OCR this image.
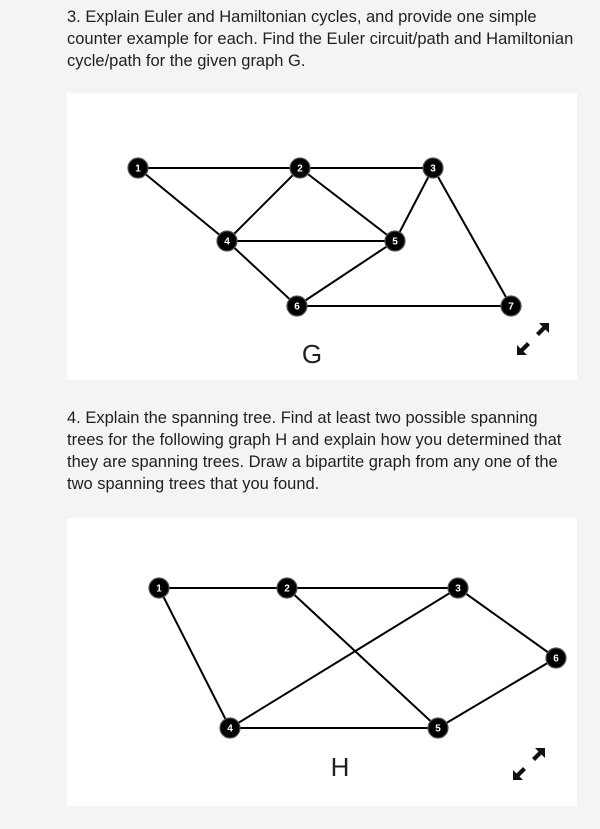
3. Explain Euler and Hamiltonian cycles, and provide one simple counter example for each. Find the Euler circuit/path and Hamiltonian cycle/path for the given graph G.

1	2	3
4	5
6	7
G

4. Explain the spanning tree. Find at least two possible spanning trees for the following graph H and explain how you determined that they are spanning trees. Draw a bipartite graph from any one of the two spanning trees that you found.

1	2	3
4	5
6
H
